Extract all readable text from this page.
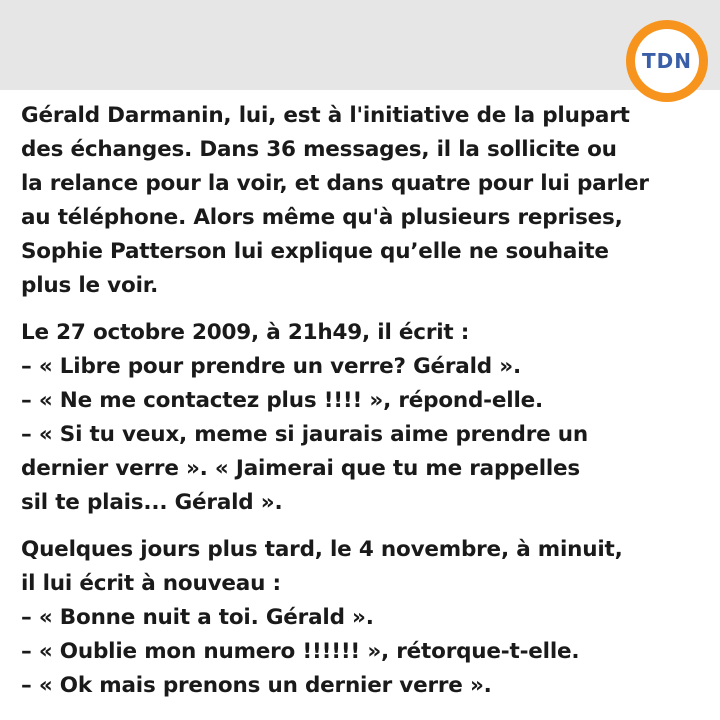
TDN

Gérald Darmanin, lui, est à l'initiative de la plupart
des échanges. Dans 36 messages, il la sollicite ou
la relance pour la voir, et dans quatre pour lui parler
au téléphone. Alors même qu'à plusieurs reprises,
Sophie Patterson lui explique qu’elle ne souhaite
plus le voir.

Le 27 octobre 2009, à 21h49, il écrit :
– « Libre pour prendre un verre? Gérald ».
– « Ne me contactez plus !!!! », répond-elle.
– « Si tu veux, meme si jaurais aime prendre un
dernier verre ». « Jaimerai que tu me rappelles
sil te plais... Gérald ».

Quelques jours plus tard, le 4 novembre, à minuit,
il lui écrit à nouveau :
– « Bonne nuit a toi. Gérald ».
– « Oublie mon numero !!!!!! », rétorque-t-elle.
– « Ok mais prenons un dernier verre ».
